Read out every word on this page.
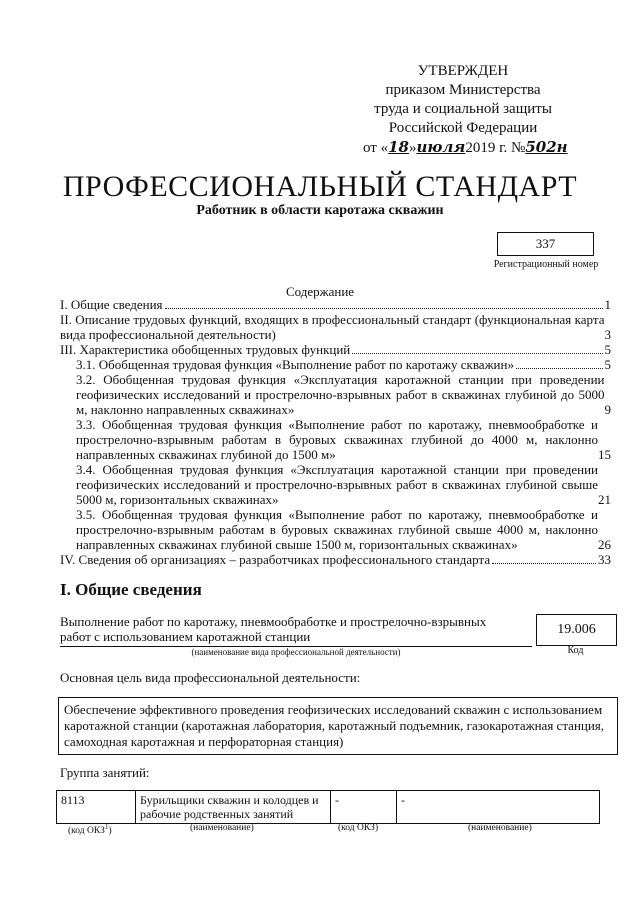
УТВЕРЖДЕН
приказом Министерства
труда и социальной защиты
Российской Федерации
от «18»июля2019 г. №502н
ПРОФЕССИОНАЛЬНЫЙ СТАНДАРТ
Работник в области каротажа скважин
337
Регистрационный номер
Содержание
I. Общие сведения	1
II. Описание трудовых функций, входящих в профессиональный стандарт (функциональная карта вида профессиональной деятельности)	3
III. Характеристика обобщенных трудовых функций	5
3.1. Обобщенная трудовая функция «Выполнение работ по каротажу скважин»	5
3.2. Обобщенная трудовая функция «Эксплуатация каротажной станции при проведении геофизических исследований и прострелочно-взрывных работ в скважинах глубиной до 5000 м, наклонно направленных скважинах»	9
3.3. Обобщенная трудовая функция «Выполнение работ по каротажу, пневмообработке и прострелочно-взрывным работам в буровых скважинах глубиной до 4000 м, наклонно направленных скважинах глубиной до 1500 м»	15
3.4. Обобщенная трудовая функция «Эксплуатация каротажной станции при проведении геофизических исследований и прострелочно-взрывных работ в скважинах глубиной свыше 5000 м, горизонтальных скважинах»	21
3.5. Обобщенная трудовая функция «Выполнение работ по каротажу, пневмообработке и прострелочно-взрывным работам в буровых скважинах глубиной свыше 4000 м, наклонно направленных скважинах глубиной свыше 1500 м, горизонтальных скважинах»	26
IV. Сведения об организациях – разработчиках профессионального стандарта	33
I. Общие сведения
Выполнение работ по каротажу, пневмообработке и прострелочно-взрывных работ с использованием каротажной станции
(наименование вида профессиональной деятельности)
19.006
Код
Основная цель вида профессиональной деятельности:
Обеспечение эффективного проведения геофизических исследований скважин с использованием каротажной станции (каротажная лаборатория, каротажный подъемник, газокаротажная станция, самоходная каротажная и перфораторная станция)
Группа занятий:
8113	Бурильщики скважин и колодцев и рабочие родственных занятий	-	-
(код ОКЗ$^1$)	(наименование)	(код ОКЗ)	(наименование)
